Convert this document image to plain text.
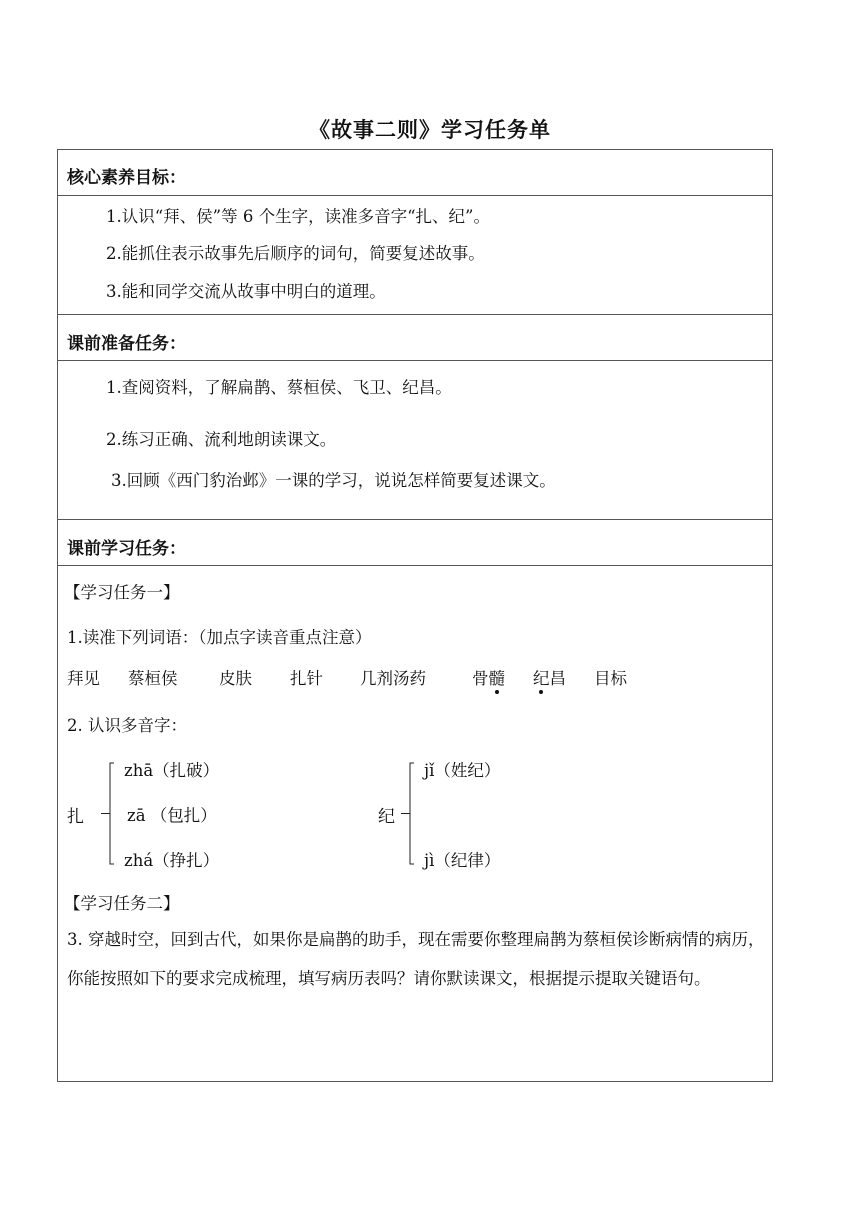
《故事二则》学习任务单
核心素养目标：
1.认识“拜、侯”等 6 个生字，读准多音字“扎、纪”。
2.能抓住表示故事先后顺序的词句，简要复述故事。
3.能和同学交流从故事中明白的道理。
课前准备任务：
1.查阅资料，了解扁鹊、蔡桓侯、飞卫、纪昌。
2.练习正确、流利地朗读课文。
3.回顾《西门豹治邺》一课的学习，说说怎样简要复述课文。
课前学习任务：
【学习任务一】
1.读准下列词语：（加点字读音重点注意）
拜见 蔡桓侯	皮肤 扎针 几剂汤药	骨髓 纪昌 目标
2. 认识多音字：
扎
zhā（扎破）
zā （包扎）
zhá（挣扎）
纪
jǐ（姓纪）
jì（纪律）
【学习任务二】
3. 穿越时空，回到古代，如果你是扁鹊的助手，现在需要你整理扁鹊为蔡桓侯诊断病情的病历，你能按照如下的要求完成梳理，填写病历表吗？请你默读课文，根据提示提取关键语句。
